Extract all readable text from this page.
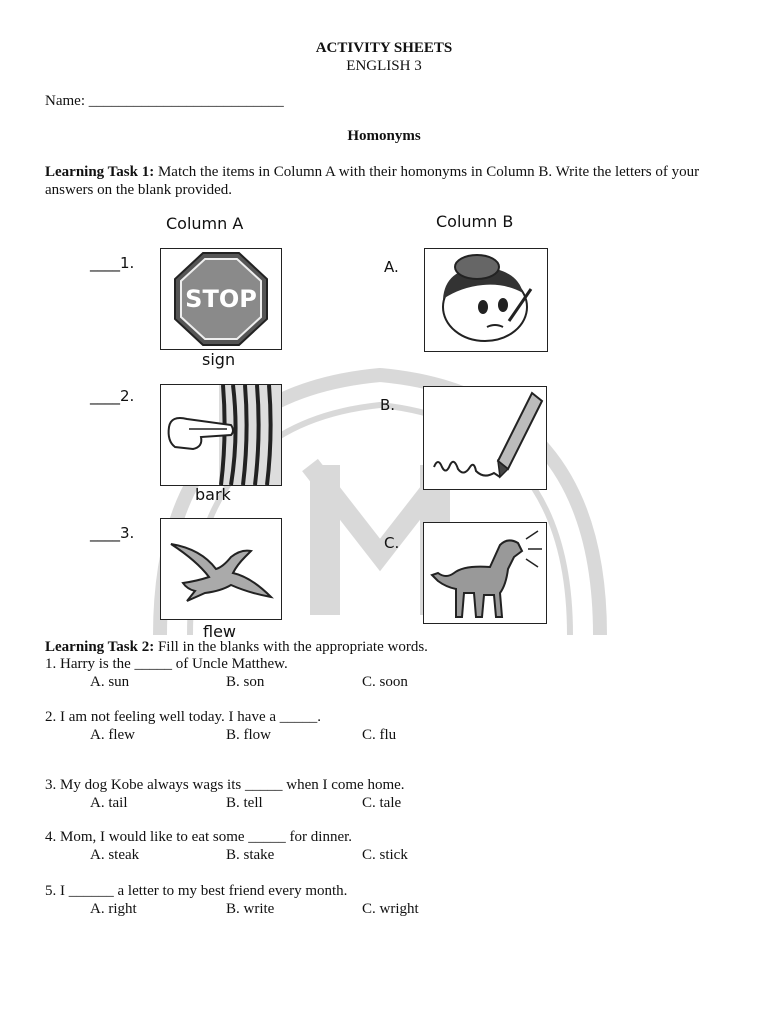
ACTIVITY SHEETS
ENGLISH 3
Name: __________________________
Homonyms
Learning Task 1: Match the items in Column A with their homonyms in Column B. Write the letters of your answers on the blank provided.
Column A	Column B
____1.
STOP
sign
____2.
bark
____3.
flew
A.
B.
C.
Learning Task 2: Fill in the blanks with the appropriate words.
1. Harry is the _____ of Uncle Matthew.
A. sun	B. son	C. soon
2. I am not feeling well today. I have a _____.
A. flew	B. flow	C. flu
3. My dog Kobe always wags its _____ when I come home.
A. tail	B. tell	C. tale
4. Mom, I would like to eat some _____ for dinner.
A. steak	B. stake	C. stick
5. I ______ a letter to my best friend every month.
A. right	B. write	C. wright
